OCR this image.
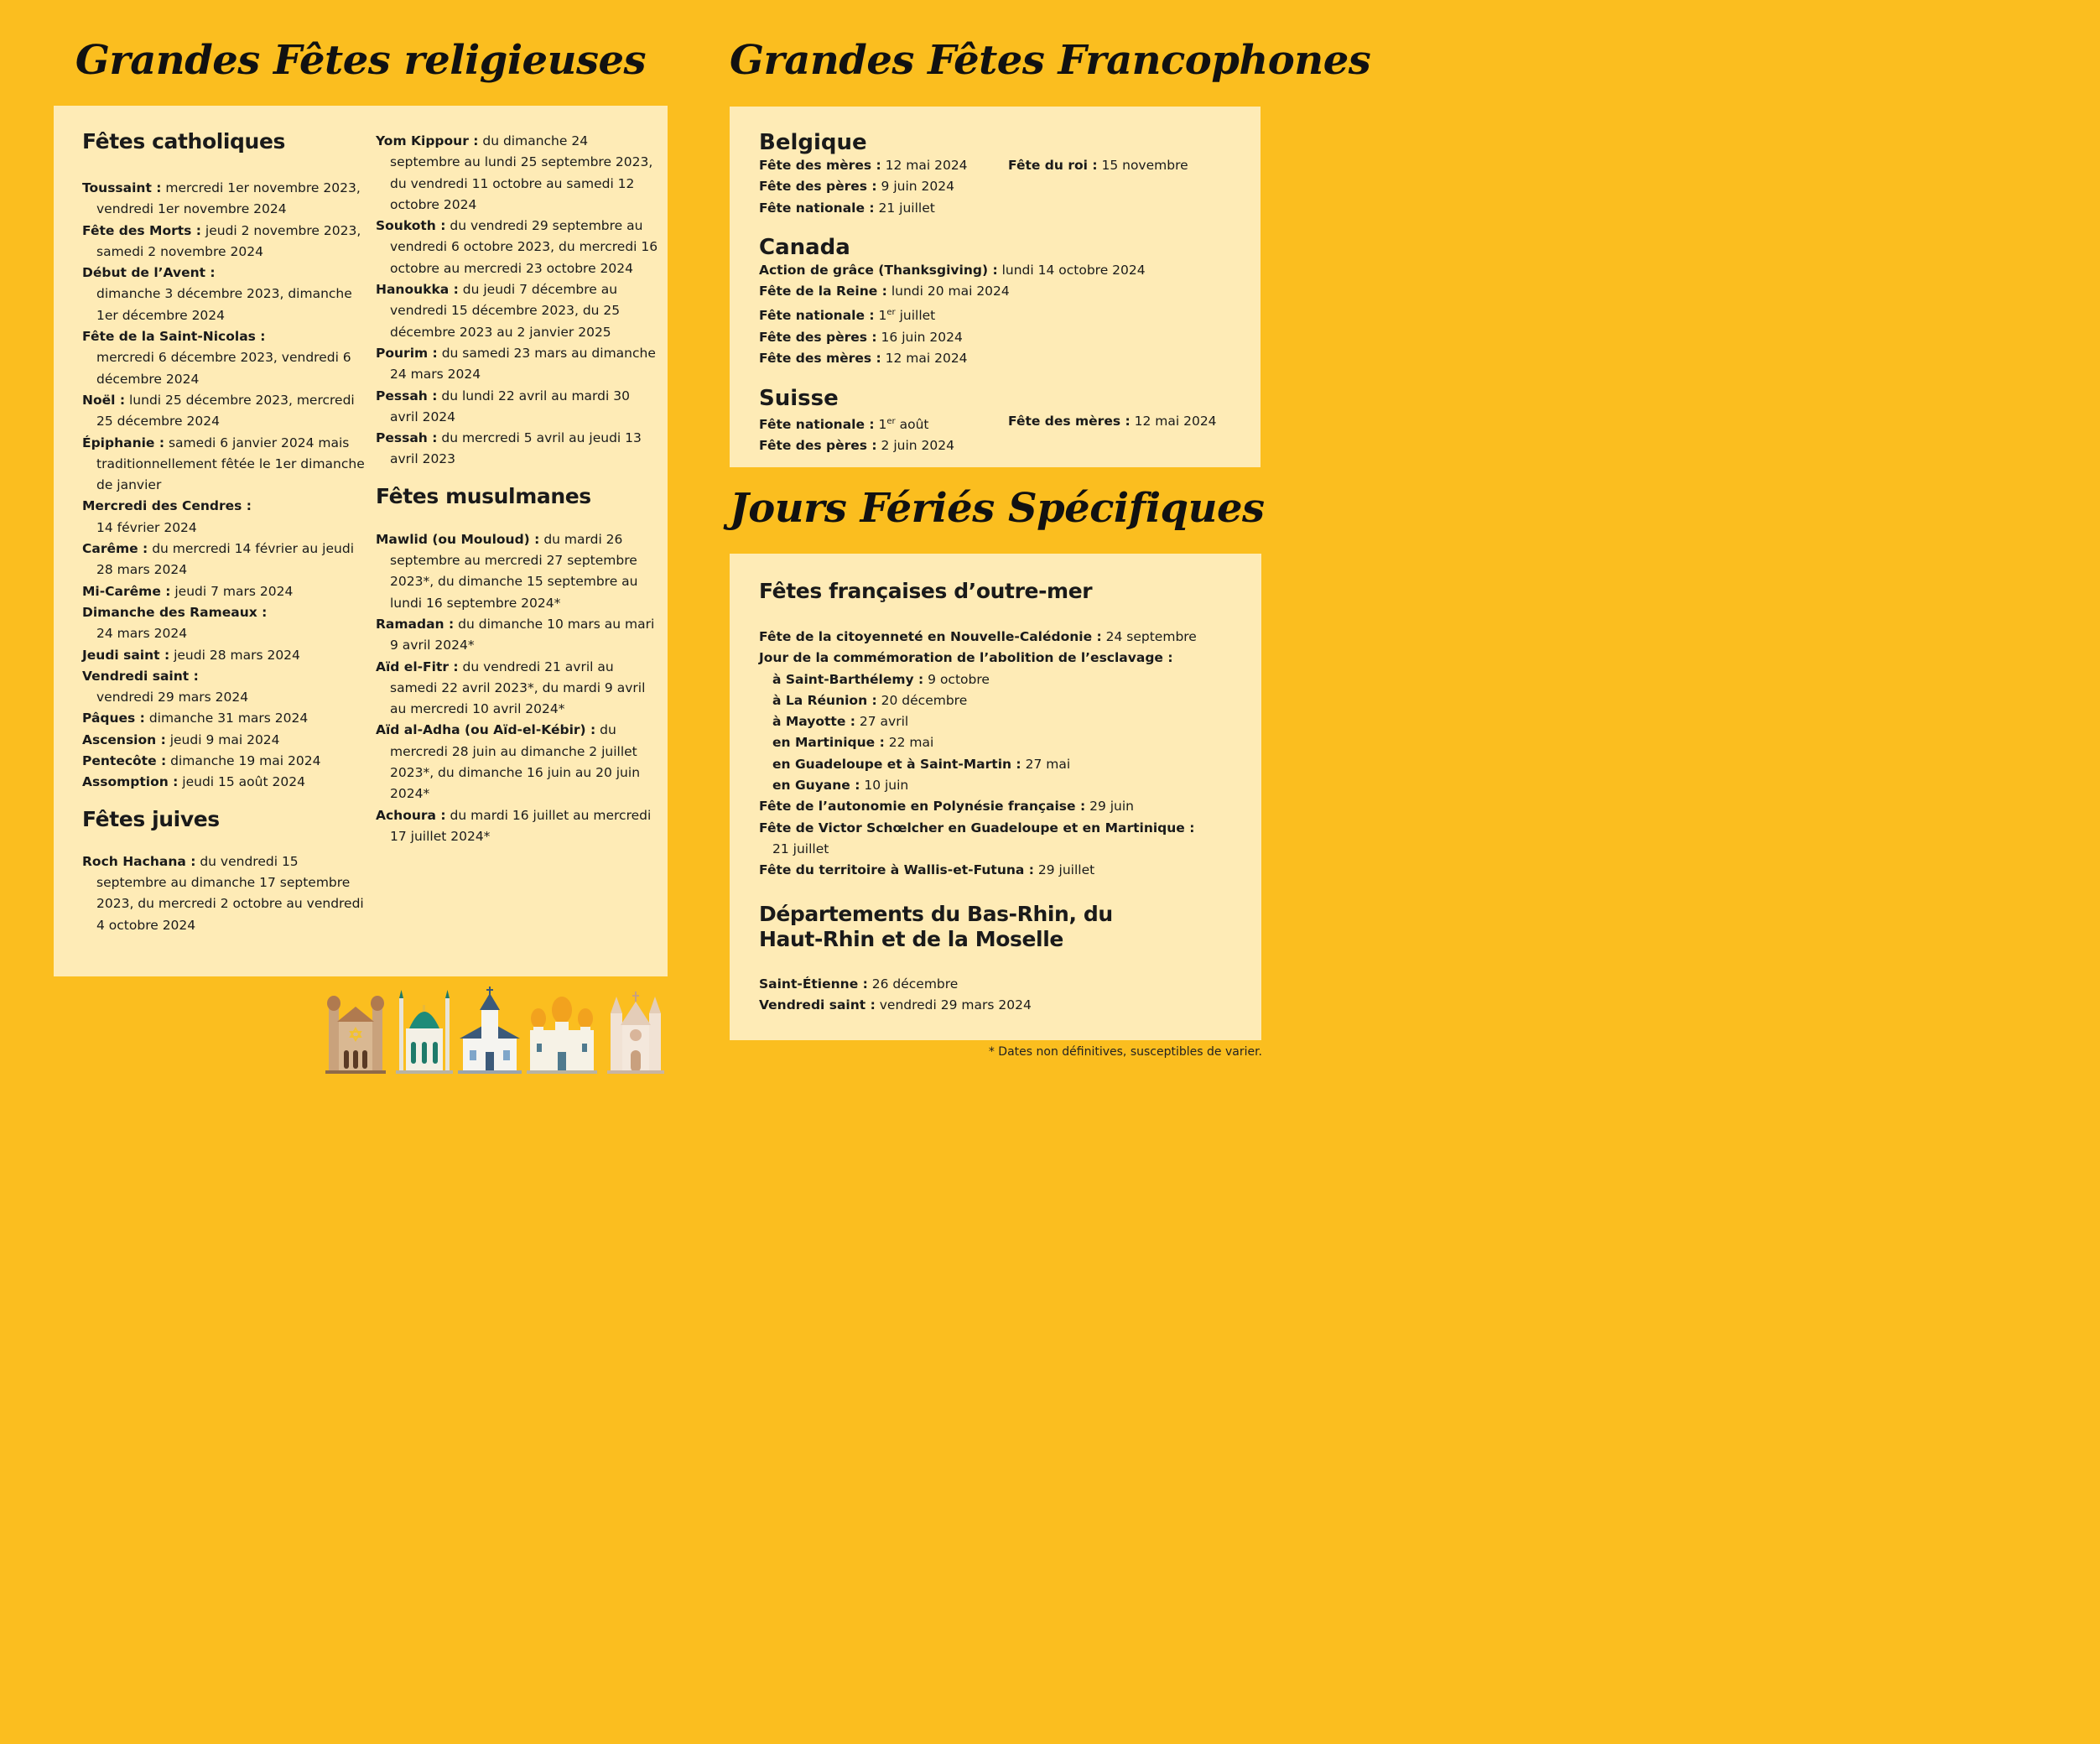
Grandes Fêtes religieuses	Grandes Fêtes Francophones
Fêtes catholiques

Toussaint : mercredi 1er novembre 2023, vendredi 1er novembre 2024

Fête des Morts : jeudi 2 novembre 2023, samedi 2 novembre 2024

Début de l’Avent :
dimanche 3 décembre 2023, dimanche 1er décembre 2024

Fête de la Saint-Nicolas :
mercredi 6 décembre 2023, vendredi 6 décembre 2024

Noël : lundi 25 décembre 2023, mercredi 25 décembre 2024

Épiphanie : samedi 6 janvier 2024 mais traditionnellement fêtée le 1er dimanche de janvier

Mercredi des Cendres :
14 février 2024

Carême : du mercredi 14 février au jeudi 28 mars 2024

Mi-Carême : jeudi 7 mars 2024

Dimanche des Rameaux :
24 mars 2024

Jeudi saint : jeudi 28 mars 2024

Vendredi saint :
vendredi 29 mars 2024

Pâques : dimanche 31 mars 2024

Ascension : jeudi 9 mai 2024

Pentecôte : dimanche 19 mai 2024

Assomption : jeudi 15 août 2024

Fêtes juives

Roch Hachana : du vendredi 15 septembre au dimanche 17 septembre 2023, du mercredi 2 octobre au vendredi 4 octobre 2024

Yom Kippour : du dimanche 24 septembre au lundi 25 septembre 2023, du vendredi 11 octobre au samedi 12 octobre 2024

Soukoth : du vendredi 29 septembre au vendredi 6 octobre 2023, du mercredi 16 octobre au mercredi 23 octobre 2024

Hanoukka : du jeudi 7 décembre au vendredi 15 décembre 2023, du 25 décembre 2023 au 2 janvier 2025

Pourim : du samedi 23 mars au dimanche 24 mars 2024

Pessah : du lundi 22 avril au mardi 30 avril 2024

Pessah : du mercredi 5 avril au jeudi 13 avril 2023

Fêtes musulmanes

Mawlid (ou Mouloud) : du mardi 26 septembre au mercredi 27 septembre 2023*, du dimanche 15 septembre au lundi 16 septembre 2024*

Ramadan : du dimanche 10 mars au mari 9 avril 2024*

Aïd el-Fitr : du vendredi 21 avril au samedi 22 avril 2023*, du mardi 9 avril au mercredi 10 avril 2024*

Aïd al-Adha (ou Aïd-el-Kébir) : du mercredi 28 juin au dimanche 2 juillet 2023*, du dimanche 16 juin au 20 juin 2024*

Achoura : du mardi 16 juillet au mercredi 17 juillet 2024*

Belgique

Fête des mères : 12 mai 2024	Fête du roi : 15 novembre

Fête des pères : 9 juin 2024

Fête nationale : 21 juillet

Canada

Action de grâce (Thanksgiving) : lundi 14 octobre 2024

Fête de la Reine : lundi 20 mai 2024

Fête nationale : 1er juillet

Fête des pères : 16 juin 2024

Fête des mères : 12 mai 2024

Suisse

Fête nationale : 1er août	Fête des mères : 12 mai 2024

Fête des pères : 2 juin 2024

Jours Fériés Spécifiques
Fêtes françaises d’outre-mer

Fête de la citoyenneté en Nouvelle-Calédonie : 24 septembre

Jour de la commémoration de l’abolition de l’esclavage :

à Saint-Barthélemy : 9 octobre

à La Réunion : 20 décembre

à Mayotte : 27 avril

en Martinique : 22 mai

en Guadeloupe et à Saint-Martin : 27 mai

en Guyane : 10 juin

Fête de l’autonomie en Polynésie française : 29 juin

Fête de Victor Schœlcher en Guadeloupe et en Martinique :
21 juillet

Fête du territoire à Wallis-et-Futuna : 29 juillet

Départements du Bas-Rhin, du Haut-Rhin et de la Moselle

Saint-Étienne : 26 décembre

Vendredi saint : vendredi 29 mars 2024

* Dates non définitives, susceptibles de varier.
